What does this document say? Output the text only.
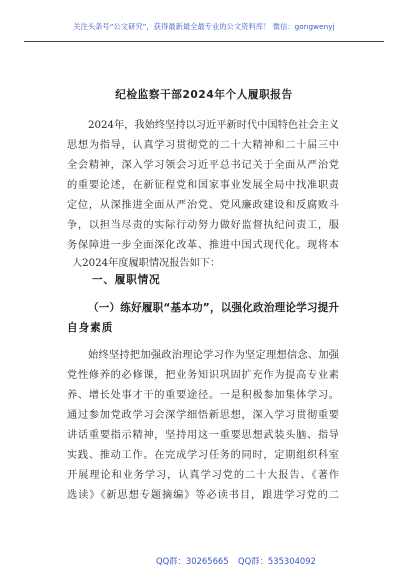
关注头条号“公文研究”，获得最新最全最专业的公文资料库！ 微信：gongwenyj
纪检监察干部2024年个人履职报告
2024年，我始终坚持以习近平新时代中国特色社会主义
思想为指导，认真学习贯彻党的二十大精神和二十届三中
全会精神，深入学习领会习近平总书记关于全面从严治党
的重要论述，在新征程党和国家事业发展全局中找准职责
定位，从深推进全面从严治党、党风廉政建设和反腐败斗
争，以担当尽责的实际行动努力做好监督执纪问责工，服
务保障进一步全面深化改革、推进中国式现代化。现将本
人2024年度履职情况报告如下：
一、履职情况
（一）练好履职“基本功”，以强化政治理论学习提升
自身素质
始终坚持把加强政治理论学习作为坚定理想信念、加强
党性修养的必修课，把业务知识巩固扩充作为提高专业素
养、增长处事才干的重要途径。一是积极参加集体学习。
通过参加党政学习会深学细悟新思想，深入学习贯彻重要
讲话重要指示精神，坚持用这一重要思想武装头脑、指导
实践、推动工作。在完成学习任务的同时，定期组织科室
开展理论和业务学习，认真学习党的二十大报告、《著作
选读》《新思想专题摘编》等必读书目，跟进学习党的二
QQ群：30265665 QQ群：535304092
